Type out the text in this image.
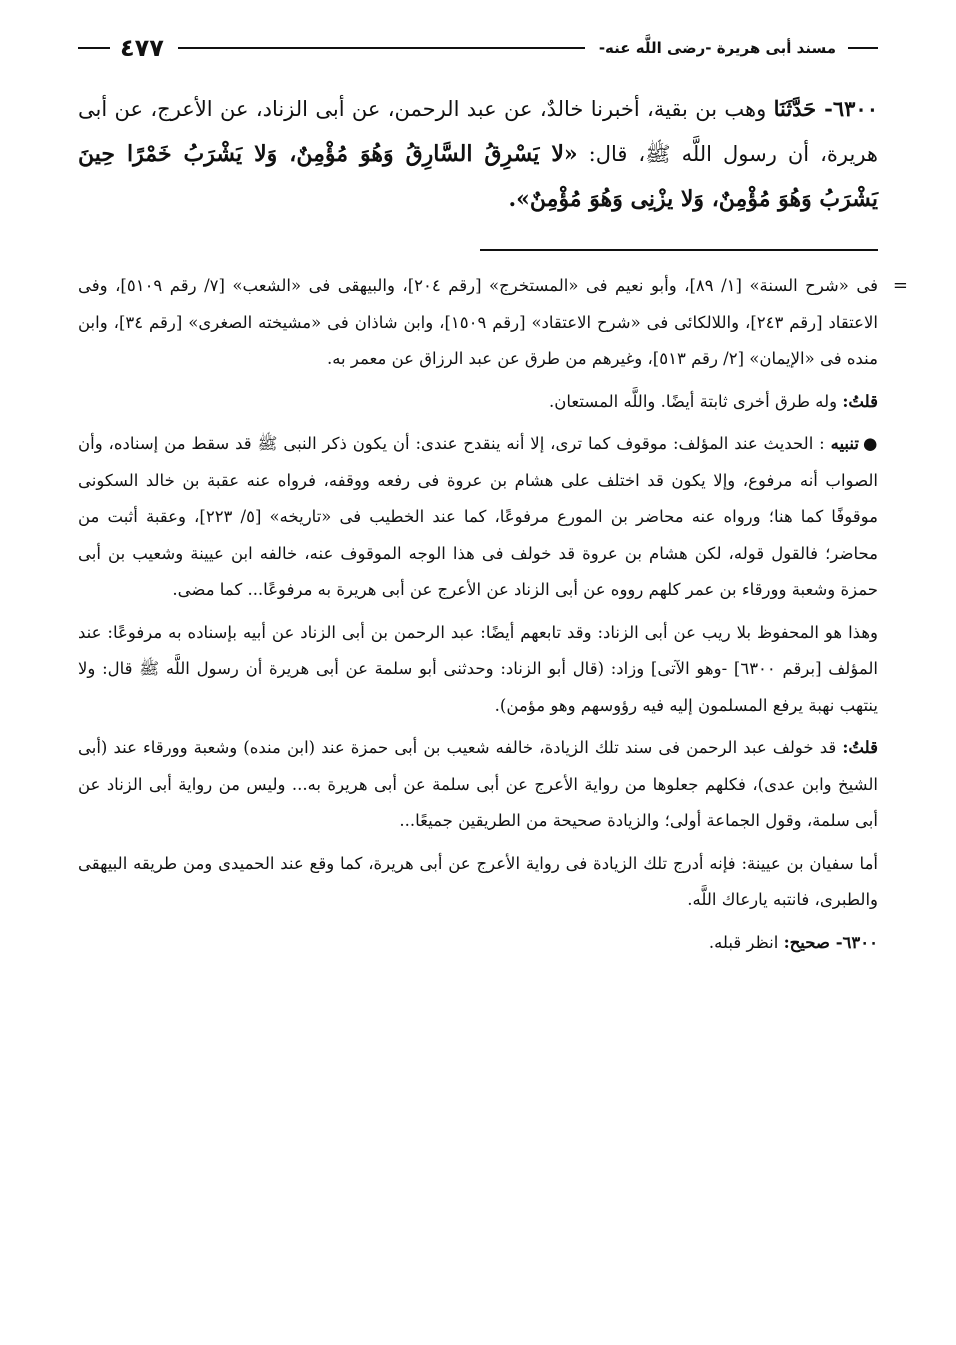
٤٧٧	مسند أبى هريرة -رضى اللَّه عنه-
٦٣٠٠- حَدَّثَنَا وهب بن بقية، أخبرنا خالدٌ، عن عبد الرحمن، عن أبى الزناد، عن الأعرج، عن أبى هريرة، أن رسول اللَّه ﷺ، قال: «لا يَسْرِقُ السَّارِقُ وَهُوَ مُؤْمِنٌ، وَلا يَشْرَبُ خَمْرًا حِينَ يَشْرَبُ وَهُوَ مُؤْمِنٌ، وَلا يزْنِى وَهُوَ مُؤْمِنٌ».

=
فى «شرح السنة» [١/ ٨٩]، وأبو نعيم فى «المستخرج» [رقم ٢٠٤]، والبيهقى فى «الشعب» [٧/ رقم ٥١٠٩]، وفى الاعتقاد [رقم ٢٤٣]، واللالكائى فى «شرح الاعتقاد» [رقم ١٥٠٩]، وابن شاذان فى «مشيخته الصغرى» [رقم ٣٤]، وابن منده فى «الإيمان» [٢/ رقم ٥١٣]، وغيرهم من طرق عن عبد الرزاق عن معمر به.

قلتُ: وله طرق أخرى ثابتة أيضًا. واللَّه المستعان.

●تنبيه : الحديث عند المؤلف: موقوف كما ترى، إلا أنه ينقدح عندى: أن يكون ذكر النبى ﷺ قد سقط من إسناده، وأن الصواب أنه مرفوع، وإلا يكون قد اختلف على هشام بن عروة فى رفعه ووقفه، فرواه عنه عقبة بن خالد السكونى موقوفًا كما هنا؛ ورواه عنه محاضر بن المورع مرفوعًا، كما عند الخطيب فى «تاريخه» [٥/ ٢٢٣]، وعقبة أثبت من محاضر؛ فالقول قوله، لكن هشام بن عروة قد خولف فى هذا الوجه الموقوف عنه، خالفه ابن عيينة وشعيب بن أبى حمزة وشعبة وورقاء بن عمر كلهم رووه عن أبى الزناد عن الأعرج عن أبى هريرة به مرفوعًا... كما مضى.

وهذا هو المحفوظ بلا ريب عن أبى الزناد: وقد تابعهم أيضًا: عبد الرحمن بن أبى الزناد عن أبيه بإسناده به مرفوعًا: عند المؤلف [برقم ٦٣٠٠] -وهو الآتى] وزاد: (قال أبو الزناد: وحدثنى أبو سلمة عن أبى هريرة أن رسول اللَّه ﷺ قال: ولا ينتهب نهبة يرفع المسلمون إليه فيه رؤوسهم وهو مؤمن).

قلتُ: قد خولف عبد الرحمن فى سند تلك الزيادة، خالفه شعيب بن أبى حمزة عند (ابن منده) وشعبة وورقاء عند (أبى الشيخ وابن عدى)، فكلهم جعلوها من رواية الأعرج عن أبى سلمة عن أبى هريرة به... وليس من رواية أبى الزناد عن أبى سلمة، وقول الجماعة أولى؛ والزيادة صحيحة من الطريقين جميعًا...

أما سفيان بن عيينة: فإنه أدرج تلك الزيادة فى رواية الأعرج عن أبى هريرة، كما وقع عند الحميدى ومن طريقه البيهقى والطبرى، فانتبه يارعاك اللَّه.

٦٣٠٠- صحيح: انظر قبله.
